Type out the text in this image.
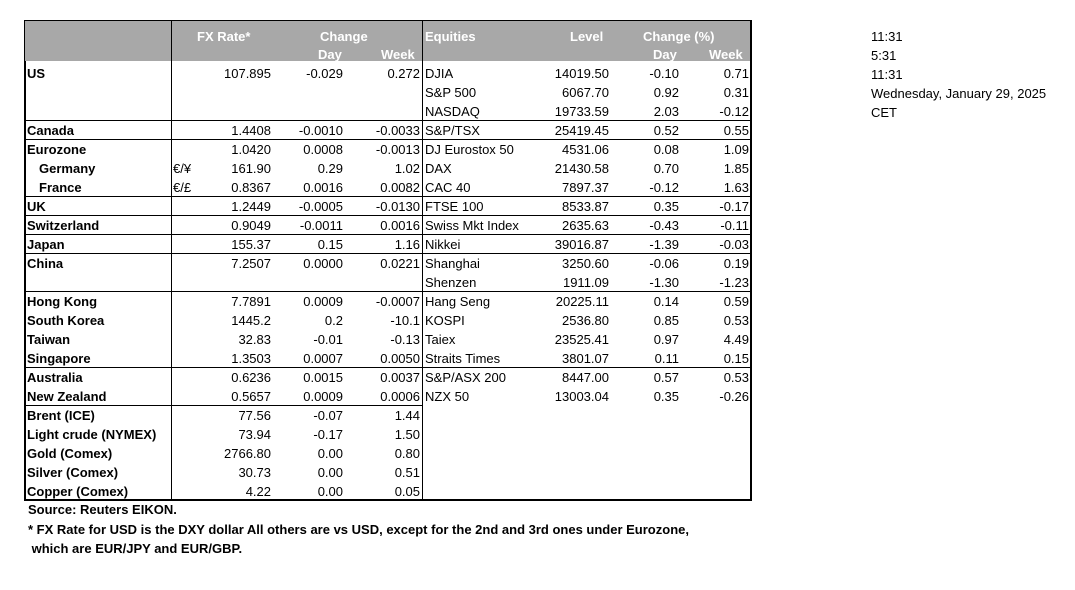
FX Rate*	Change
Day	Week
Equities	Level	Change (%)
Day Week
US	107.895	-0.029	0.272 DJIA	14019.50	-0.10	0.71
S&P 500	6067.70	0.92	0.31
NASDAQ	19733.59	2.03	-0.12
Canada	1.4408	-0.0010	-0.0033 S&P/TSX	25419.45	0.52	0.55
Eurozone	1.0420	0.0008	-0.0013 DJ Eurostox 50	4531.06	0.08	1.09
Germany	€/¥	161.90	0.29	1.02 DAX	21430.58	0.70	1.85
France	€/£	0.8367	0.0016	0.0082 CAC 40	7897.37	-0.12	1.63
UK	1.2449	-0.0005	-0.0130 FTSE 100	8533.87	0.35	-0.17
Switzerland	0.9049	-0.0011	0.0016 Swiss Mkt Index	2635.63	-0.43	-0.11
Japan	155.37	0.15	1.16 Nikkei	39016.87	-1.39	-0.03
China	7.2507	0.0000	0.0221 Shanghai	3250.60	-0.06	0.19
Shenzen	1911.09	-1.30	-1.23
Hong Kong	7.7891	0.0009	-0.0007 Hang Seng	20225.11	0.14	0.59
South Korea	1445.2	0.2	-10.1 KOSPI	2536.80	0.85	0.53
Taiwan	32.83	-0.01	-0.13 Taiex	23525.41	0.97	4.49
Singapore	1.3503	0.0007	0.0050 Straits Times	3801.07	0.11	0.15
Australia	0.6236	0.0015	0.0037 S&P/ASX 200	8447.00	0.57	0.53
New Zealand	0.5657	0.0009	0.0006 NZX 50	13003.04	0.35	-0.26
Brent (ICE)	77.56	-0.07	1.44
Light crude (NYMEX)	73.94	-0.17	1.50
Gold (Comex)	2766.80	0.00	0.80
Silver (Comex)	30.73	0.00	0.51
Copper (Comex)	4.22	0.00	0.05
11:31
5:31
11:31
Wednesday, January 29, 2025
CET
Source: Reuters EIKON.
* FX Rate for USD is the DXY dollar All others are vs USD, except for the 2nd and 3rd ones under Eurozone,
which are EUR/JPY and EUR/GBP.
